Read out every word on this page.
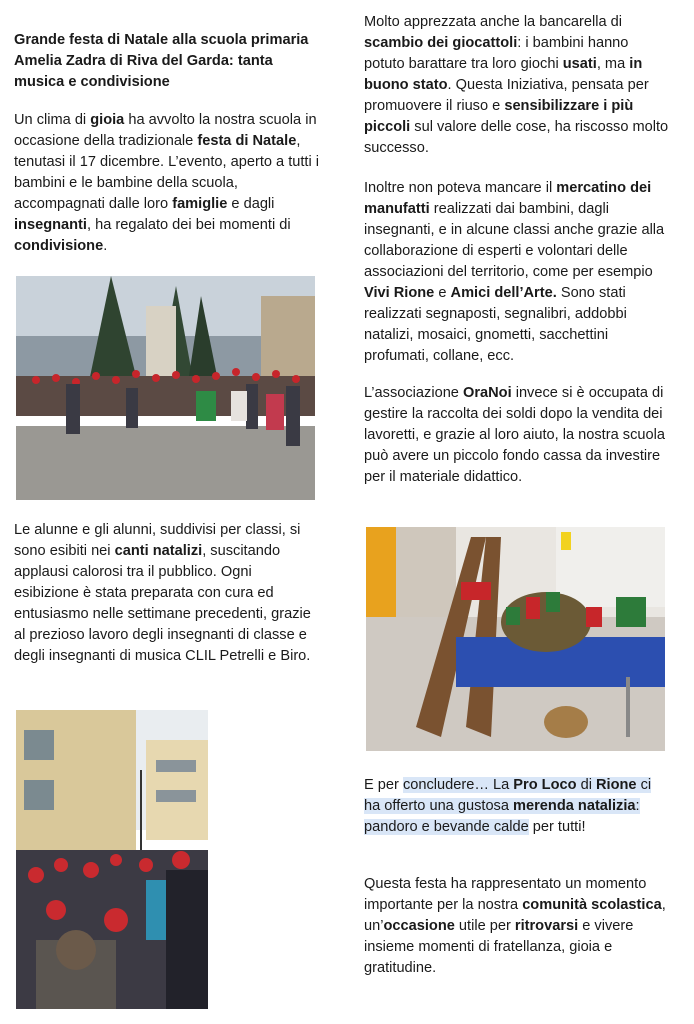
Grande festa di Natale alla scuola primaria Amelia Zadra di Riva del Garda: tanta musica e condivisione

Un clima di gioia ha avvolto la nostra scuola in occasione della tradizionale festa di Natale, tenutasi il 17 dicembre. L’evento, aperto a tutti i bambini e le bambine della scuola, accompagnati dalle loro famiglie e dagli insegnanti, ha regalato dei bei momenti di condivisione.

Le alunne e gli alunni, suddivisi per classi, si sono esibiti nei canti natalizi, suscitando applausi calorosi tra il pubblico. Ogni esibizione è stata preparata con cura ed entusiasmo nelle settimane precedenti, grazie al prezioso lavoro degli insegnanti di classe e degli insegnanti di musica CLIL Petrelli e Biro.

Molto apprezzata anche la bancarella di scambio dei giocattoli: i bambini hanno potuto barattare tra loro giochi usati, ma in buono stato. Questa Iniziativa, pensata per promuovere il riuso e sensibilizzare i più piccoli sul valore delle cose, ha riscosso molto successo.

Inoltre non poteva mancare il mercatino dei manufatti realizzati dai bambini, dagli insegnanti, e in alcune classi anche grazie alla collaborazione di esperti e volontari delle associazioni del territorio, come per esempio Vivi Rione e Amici dell’Arte. Sono stati realizzati segnaposti, segnalibri, addobbi natalizi, mosaici, gnometti, sacchettini profumati, collane, ecc.

L’associazione OraNoi invece si è occupata di gestire la raccolta dei soldi dopo la vendita dei lavoretti, e grazie al loro aiuto, la nostra scuola può avere un piccolo fondo cassa da investire per il materiale didattico.

E per concludere… La Pro Loco di Rione ci ha offerto una gustosa merenda natalizia: pandoro e bevande calde per tutti!

Questa festa ha rappresentato un momento importante per la nostra comunità scolastica, un’occasione utile per ritrovarsi e vivere insieme momenti di fratellanza, gioia e gratitudine.
